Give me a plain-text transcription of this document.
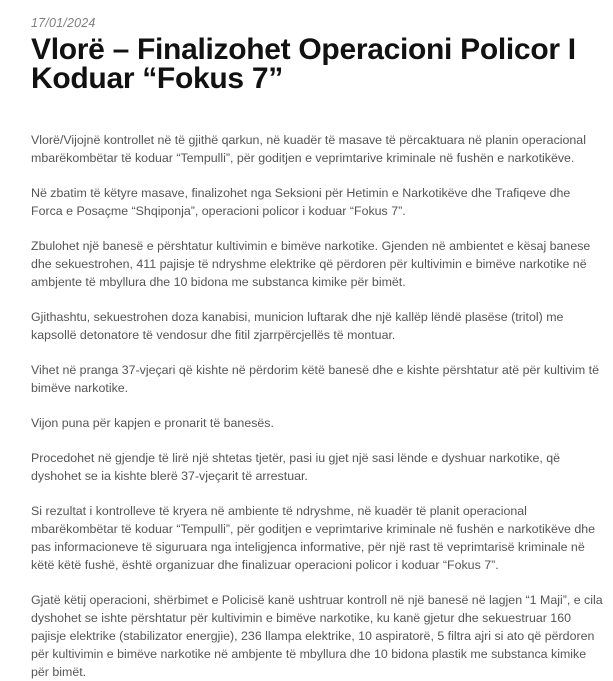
17/01/2024
Vlorë – Finalizohet Operacioni Policor I Koduar “Fokus 7”

Vlorë/Vijojnë kontrollet në të gjithë qarkun, në kuadër të masave të përcaktuara në planin operacional mbarëkombëtar të koduar “Tempulli”, për goditjen e veprimtarive kriminale në fushën e narkotikëve.

Në zbatim të këtyre masave, finalizohet nga Seksioni për Hetimin e Narkotikëve dhe Trafiqeve dhe Forca e Posaçme “Shqiponja”, operacioni policor i koduar “Fokus 7”.

Zbulohet një banesë e përshtatur kultivimin e bimëve narkotike. Gjenden në ambientet e kësaj banese dhe sekuestrohen, 411 pajisje të ndryshme elektrike që përdoren për kultivimin e bimëve narkotike në ambjente të mbyllura dhe 10 bidona me substanca kimike për bimët.

Gjithashtu, sekuestrohen doza kanabisi, municion luftarak dhe një kallëp lëndë plasëse (tritol) me kapsollë detonatore të vendosur dhe fitil zjarrpërcjellës të montuar.

Vihet në pranga 37-vjeçari që kishte në përdorim këtë banesë dhe e kishte përshtatur atë për kultivim të bimëve narkotike.

Vijon puna për kapjen e pronarit të banesës.

Procedohet në gjendje të lirë një shtetas tjetër, pasi iu gjet një sasi lënde e dyshuar narkotike, që dyshohet se ia kishte blerë 37-vjeçarit të arrestuar.

Si rezultat i kontrolleve të kryera në ambiente të ndryshme, në kuadër të planit operacional mbarëkombëtar të koduar “Tempulli”, për goditjen e veprimtarive kriminale në fushën e narkotikëve dhe pas informacioneve të siguruara nga inteligjenca informative, për një rast të veprimtarisë kriminale në këtë këtë fushë, është organizuar dhe finalizuar operacioni policor i koduar “Fokus 7”.

Gjatë këtij operacioni, shërbimet e Policisë kanë ushtruar kontroll në një banesë në lagjen “1 Maji”, e cila dyshohet se ishte përshtatur për kultivimin e bimëve narkotike, ku kanë gjetur dhe sekuestruar 160 pajisje elektrike (stabilizator energjie), 236 llampa elektrike, 10 aspiratorë, 5 filtra ajri si ato që përdoren për kultivimin e bimëve narkotike në ambjente të mbyllura dhe 10 bidona plastik me substanca kimike për bimët.
